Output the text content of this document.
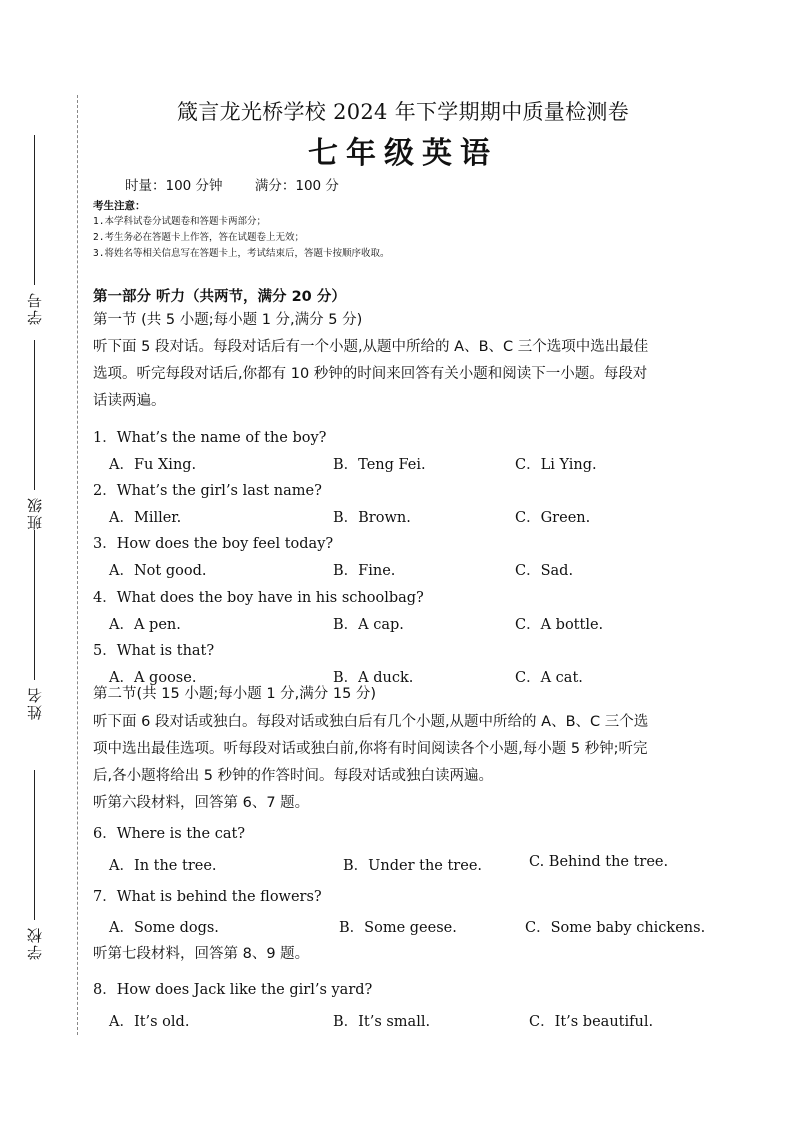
学号
班级
姓名
学校
箴言龙光桥学校 2024 年下学期期中质量检测卷
七年级英语
时量：100 分钟 满分：100 分
考生注意：
1.本学科试卷分试题卷和答题卡两部分；
2.考生务必在答题卡上作答，答在试题卷上无效；
3.将姓名等相关信息写在答题卡上，考试结束后，答题卡按顺序收取。
第一部分 听力（共两节，满分 20 分）
第一节 (共 5 小题;每小题 1 分,满分 5 分)
听下面 5 段对话。每段对话后有一个小题,从题中所给的 A、B、C 三个选项中选出最佳
选项。听完每段对话后,你都有 10 秒钟的时间来回答有关小题和阅读下一小题。每段对
话读两遍。
1．What’s the name of the boy?
A．Fu Xing.	B．Teng Fei.	C．Li Ying.
2．What’s the girl’s last name?
A．Miller.	B．Brown.	C．Green.
3．How does the boy feel today?
A．Not good.	B．Fine.	C．Sad.
4．What does the boy have in his schoolbag?
A．A pen.	B．A cap.	C．A bottle.
5．What is that?
A．A goose.	B．A duck.	C．A cat.
第二节(共 15 小题;每小题 1 分,满分 15 分)
听下面 6 段对话或独白。每段对话或独白后有几个小题,从题中所给的 A、B、C 三个选
项中选出最佳选项。听每段对话或独白前,你将有时间阅读各个小题,每小题 5 秒钟;听完
后,各小题将给出 5 秒钟的作答时间。每段对话或独白读两遍。
听第六段材料，回答第 6、7 题。
6．Where is the cat?
A．In the tree.	B．Under the tree.	C. Behind the tree.
7．What is behind the flowers?
A．Some dogs.	B．Some geese.	C．Some baby chickens.
听第七段材料，回答第 8、9 题。
8．How does Jack like the girl’s yard?
A．It’s old.	B．It’s small.	C．It’s beautiful.
